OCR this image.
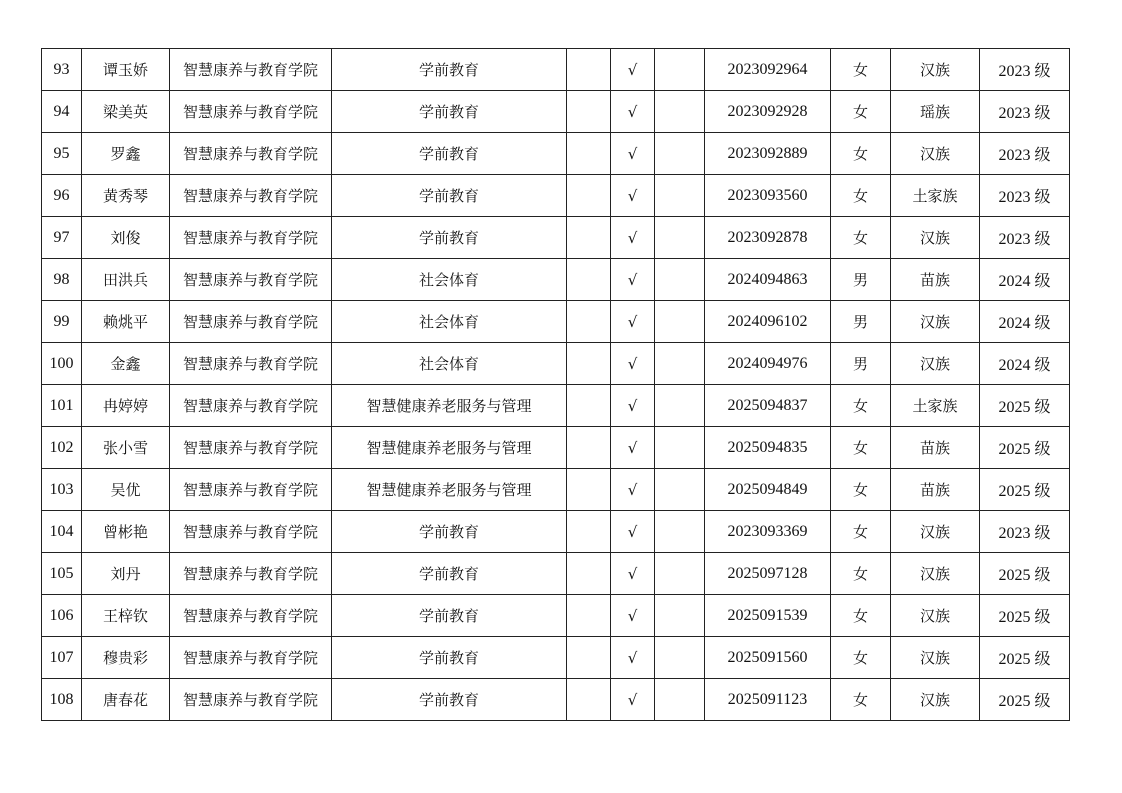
93	谭玉娇	智慧康养与教育学院	学前教育		√		2023092964	女	汉族	2023 级
94	梁美英	智慧康养与教育学院	学前教育		√		2023092928	女	瑶族	2023 级
95	罗鑫	智慧康养与教育学院	学前教育		√		2023092889	女	汉族	2023 级
96	黄秀琴	智慧康养与教育学院	学前教育		√		2023093560	女	土家族	2023 级
97	刘俊	智慧康养与教育学院	学前教育		√		2023092878	女	汉族	2023 级
98	田洪兵	智慧康养与教育学院	社会体育		√		2024094863	男	苗族	2024 级
99	赖烑平	智慧康养与教育学院	社会体育		√		2024096102	男	汉族	2024 级
100	金鑫	智慧康养与教育学院	社会体育		√		2024094976	男	汉族	2024 级
101	冉婷婷	智慧康养与教育学院	智慧健康养老服务与管理		√		2025094837	女	土家族	2025 级
102	张小雪	智慧康养与教育学院	智慧健康养老服务与管理		√		2025094835	女	苗族	2025 级
103	吴优	智慧康养与教育学院	智慧健康养老服务与管理		√		2025094849	女	苗族	2025 级
104	曾彬艳	智慧康养与教育学院	学前教育		√		2023093369	女	汉族	2023 级
105	刘丹	智慧康养与教育学院	学前教育		√		2025097128	女	汉族	2025 级
106	王梓钦	智慧康养与教育学院	学前教育		√		2025091539	女	汉族	2025 级
107	穆贵彩	智慧康养与教育学院	学前教育		√		2025091560	女	汉族	2025 级
108	唐春花	智慧康养与教育学院	学前教育		√		2025091123	女	汉族	2025 级
